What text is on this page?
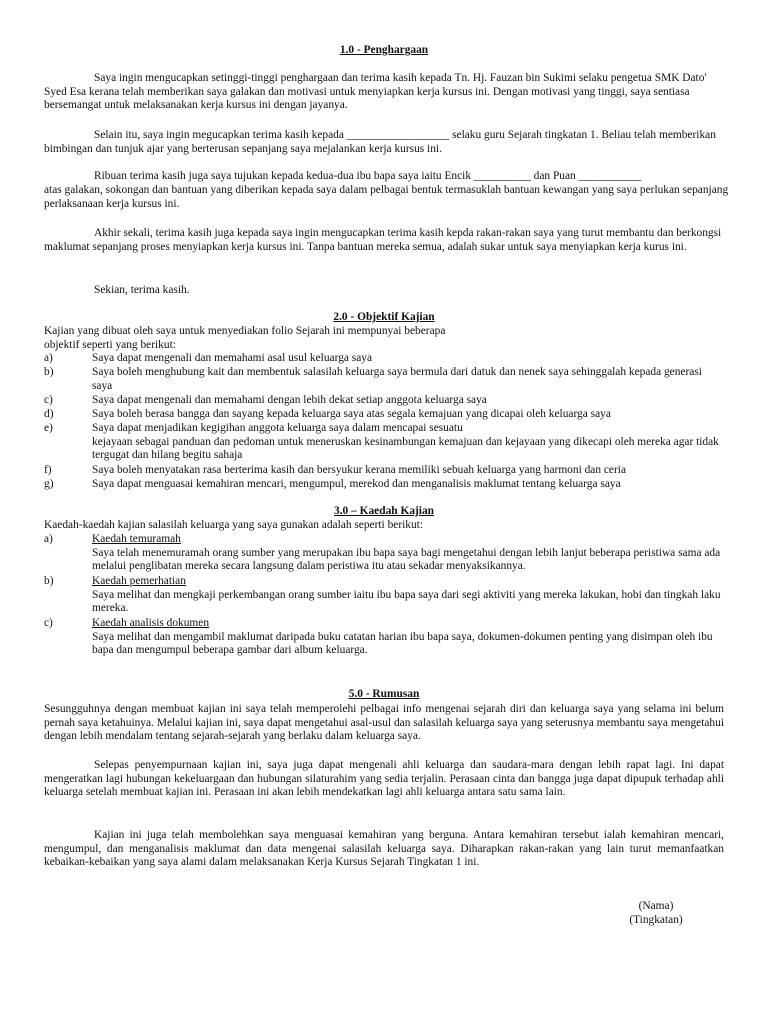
1.0 - Penghargaan
Saya ingin mengucapkan setinggi-tinggi penghargaan dan terima kasih kepada Tn. Hj. Fauzan bin Sukimi selaku pengetua SMK Dato' Syed Esa kerana telah memberikan saya galakan dan motivasi untuk menyiapkan kerja kursus ini. Dengan motivasi yang tinggi, saya sentiasa bersemangat untuk melaksanakan kerja kursus ini dengan jayanya.
Selain itu, saya ingin megucapkan terima kasih kepada __________________ selaku guru Sejarah tingkatan 1. Beliau telah memberikan bimbingan dan tunjuk ajar yang berterusan sepanjang saya mejalankan kerja kursus ini.
Ribuan terima kasih juga saya tujukan kepada kedua-dua ibu bapa saya iaitu Encik __________ dan Puan ___________
atas galakan, sokongan dan bantuan yang diberikan kepada saya dalam pelbagai bentuk termasuklah bantuan kewangan yang saya perlukan sepanjang perlaksanaan kerja kursus ini.
Akhir sekali, terima kasih juga kepada saya ingin mengucapkan terima kasih kepda rakan-rakan saya yang turut membantu dan berkongsi maklumat sepanjang proses menyiapkan kerja kursus ini. Tanpa bantuan mereka semua, adalah sukar untuk saya menyiapkan kerja kurus ini.
Sekian, terima kasih.
2.0 - Objektif Kajian
Kajian yang dibuat oleh saya untuk menyediakan folio Sejarah ini mempunyai beberapa
objektif seperti yang berikut:
a)	Saya dapat mengenali dan memahami asal usul keluarga saya
b)	Saya boleh menghubung kait dan membentuk salasilah keluarga saya bermula dari datuk dan nenek saya sehinggalah kepada generasi saya
c)	Saya dapat mengenali dan memahami dengan lebih dekat setiap anggota keluarga saya
d)	Saya boleh berasa bangga dan sayang kepada keluarga saya atas segala kemajuan yang dicapai oleh keluarga saya
e)	Saya dapat menjadikan kegigihan anggota keluarga saya dalam mencapai sesuatu
kejayaan sebagai panduan dan pedoman untuk meneruskan kesinambungan kemajuan dan kejayaan yang dikecapi oleh mereka agar tidak tergugat dan hilang begitu sahaja
f)	Saya boleh menyatakan rasa berterima kasih dan bersyukur kerana memiliki sebuah keluarga yang harmoni dan ceria
g)	Saya dapat menguasai kemahiran mencari, mengumpul, merekod dan menganalisis maklumat tentang keluarga saya
3.0 – Kaedah Kajian
Kaedah-kaedah kajian salasilah keluarga yang saya gunakan adalah seperti berikut:
a)	Kaedah temuramah
Saya telah menemuramah orang sumber yang merupakan ibu bapa saya bagi mengetahui dengan lebih lanjut beberapa peristiwa sama ada melalui penglibatan mereka secara langsung dalam peristiwa itu atau sekadar menyaksikannya.
b)	Kaedah pemerhatian
Saya melihat dan mengkaji perkembangan orang sumber iaitu ibu bapa saya dari segi aktiviti yang mereka lakukan, hobi dan tingkah laku mereka.
c)	Kaedah analisis dokumen
Saya melihat dan mengambil maklumat daripada buku catatan harian ibu bapa saya, dokumen-dokumen penting yang disimpan oleh ibu bapa dan mengumpul beberapa gambar dari album keluarga.
5.0 - Rumusan
Sesungguhnya dengan membuat kajian ini saya telah memperolehi pelbagai info mengenai sejarah diri dan keluarga saya yang selama ini belum pernah saya ketahuinya. Melalui kajian ini, saya dapat mengetahui asal-usul dan salasilah keluarga saya yang seterusnya membantu saya mengetahui dengan lebih mendalam tentang sejarah-sejarah yang berlaku dalam keluarga saya.
Selepas penyempurnaan kajian ini, saya juga dapat mengenali ahli keluarga dan saudara-mara dengan lebih rapat lagi. Ini dapat mengeratkan lagi hubungan kekeluargaan dan hubungan silaturahim yang sedia terjalin. Perasaan cinta dan bangga juga dapat dipupuk terhadap ahli keluarga setelah membuat kajian ini. Perasaan ini akan lebih mendekatkan lagi ahli keluarga antara satu sama lain.
Kajian ini juga telah membolehkan saya menguasai kemahiran yang berguna. Antara kemahiran tersebut ialah kemahiran mencari, mengumpul, dan menganalisis maklumat dan data mengenai salasilah keluarga saya. Diharapkan rakan-rakan yang lain turut memanfaatkan kebaikan-kebaikan yang saya alami dalam melaksanakan Kerja Kursus Sejarah Tingkatan 1 ini.
(Nama)
(Tingkatan)
